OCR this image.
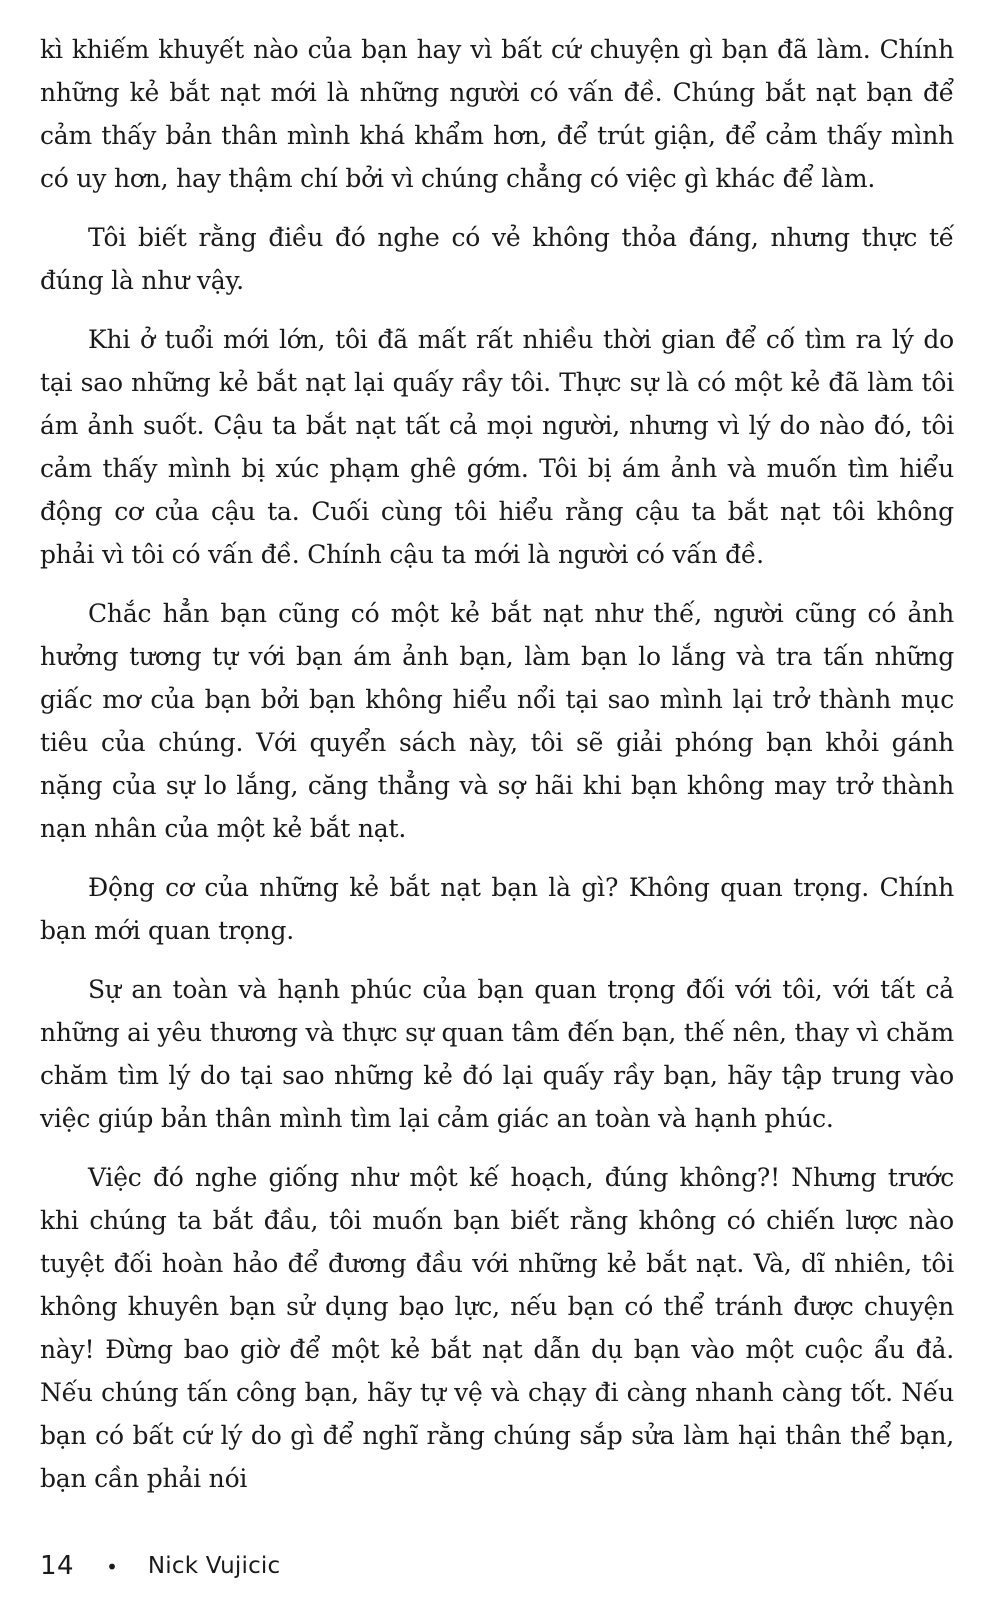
kì khiếm khuyết nào của bạn hay vì bất cứ chuyện gì bạn đã làm. Chính những kẻ bắt nạt mới là những người có vấn đề. Chúng bắt nạt bạn để cảm thấy bản thân mình khá khẩm hơn, để trút giận, để cảm thấy mình có uy hơn, hay thậm chí bởi vì chúng chẳng có việc gì khác để làm.

Tôi biết rằng điều đó nghe có vẻ không thỏa đáng, nhưng thực tế đúng là như vậy.

Khi ở tuổi mới lớn, tôi đã mất rất nhiều thời gian để cố tìm ra lý do tại sao những kẻ bắt nạt lại quấy rầy tôi. Thực sự là có một kẻ đã làm tôi ám ảnh suốt. Cậu ta bắt nạt tất cả mọi người, nhưng vì lý do nào đó, tôi cảm thấy mình bị xúc phạm ghê gớm. Tôi bị ám ảnh và muốn tìm hiểu động cơ của cậu ta. Cuối cùng tôi hiểu rằng cậu ta bắt nạt tôi không phải vì tôi có vấn đề. Chính cậu ta mới là người có vấn đề.

Chắc hẳn bạn cũng có một kẻ bắt nạt như thế, người cũng có ảnh hưởng tương tự với bạn ám ảnh bạn, làm bạn lo lắng và tra tấn những giấc mơ của bạn bởi bạn không hiểu nổi tại sao mình lại trở thành mục tiêu của chúng. Với quyển sách này, tôi sẽ giải phóng bạn khỏi gánh nặng của sự lo lắng, căng thẳng và sợ hãi khi bạn không may trở thành nạn nhân của một kẻ bắt nạt.

Động cơ của những kẻ bắt nạt bạn là gì? Không quan trọng. Chính bạn mới quan trọng.

Sự an toàn và hạnh phúc của bạn quan trọng đối với tôi, với tất cả những ai yêu thương và thực sự quan tâm đến bạn, thế nên, thay vì chăm chăm tìm lý do tại sao những kẻ đó lại quấy rầy bạn, hãy tập trung vào việc giúp bản thân mình tìm lại cảm giác an toàn và hạnh phúc.

Việc đó nghe giống như một kế hoạch, đúng không?! Nhưng trước khi chúng ta bắt đầu, tôi muốn bạn biết rằng không có chiến lược nào tuyệt đối hoàn hảo để đương đầu với những kẻ bắt nạt. Và, dĩ nhiên, tôi không khuyên bạn sử dụng bạo lực, nếu bạn có thể tránh được chuyện này! Đừng bao giờ để một kẻ bắt nạt dẫn dụ bạn vào một cuộc ẩu đả. Nếu chúng tấn công bạn, hãy tự vệ và chạy đi càng nhanh càng tốt. Nếu bạn có bất cứ lý do gì để nghĩ rằng chúng sắp sửa làm hại thân thể bạn, bạn cần phải nói

14 • Nick Vujicic
